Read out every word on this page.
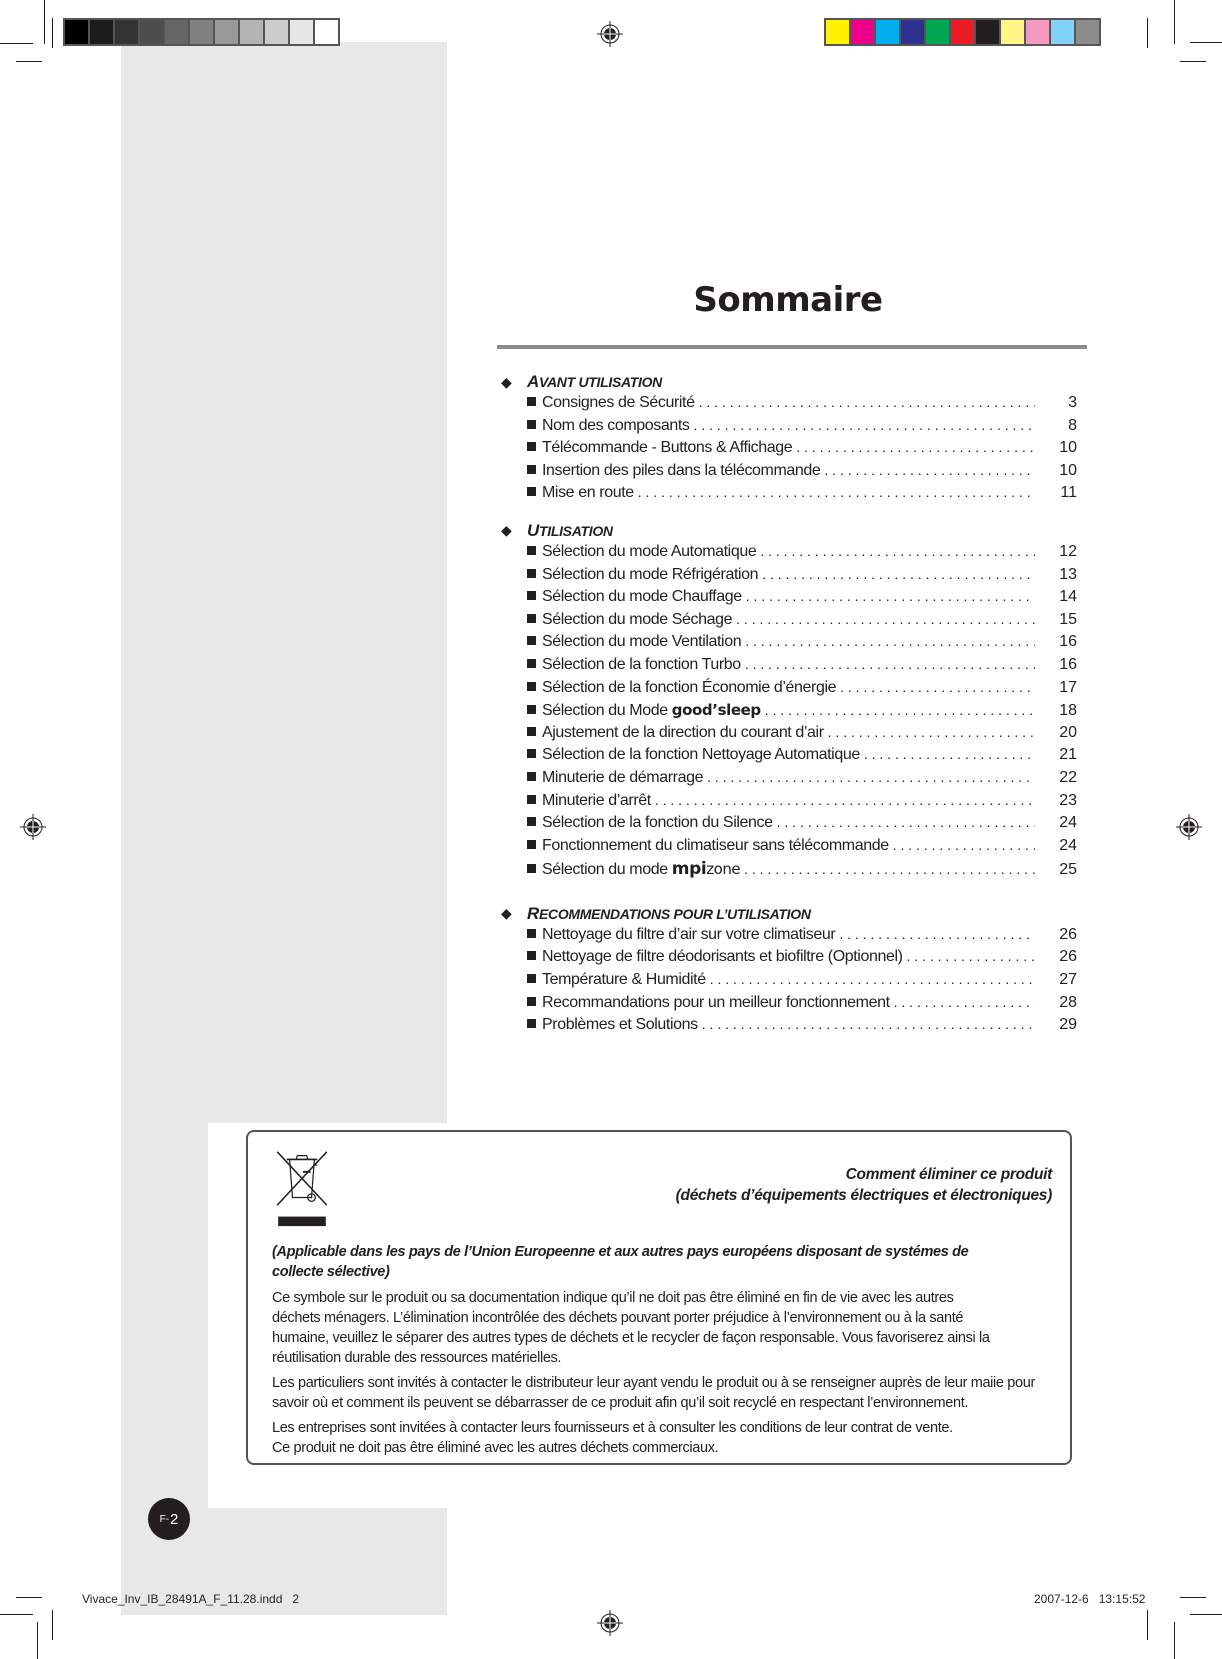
Sommaire
◆ AVANT UTILISATION
Consignes de Sécurité . . .	3
Nom des composants . . .	8
Télécommande - Buttons & Affichage . . .	10
Insertion des piles dans la télécommande . . .	10
Mise en route . . .	11
◆ UTILISATION
Sélection du mode Automatique . . .	12
Sélection du mode Réfrigération . . .	13
Sélection du mode Chauffage . . .	14
Sélection du mode Séchage . . .	15
Sélection du mode Ventilation . . .	16
Sélection de la fonction Turbo . . .	16
Sélection de la fonction Économie d’énergie . . .	17
Sélection du Mode good’sleep . . .	18
Ajustement de la direction du courant d’air . . .	20
Sélection de la fonction Nettoyage Automatique . . .	21
Minuterie de démarrage . . .	22
Minuterie d’arrêt . . .	23
Sélection de la fonction du Silence . . .	24
Fonctionnement du climatiseur sans télécommande . . .	24
Sélection du mode mpizone . . .	25
◆ RECOMMENDATIONS POUR L’UTILISATION
Nettoyage du filtre d’air sur votre climatiseur . . .	26
Nettoyage de filtre déodorisants et biofiltre (Optionnel) . . .	26
Température & Humidité . . .	27
Recommandations pour un meilleur fonctionnement . . .	28
Problèmes et Solutions . . .	29
Comment éliminer ce produit
(déchets d’équipements électriques et électroniques)

(Applicable dans les pays de l’Union Europeenne et aux autres pays européens disposant de systémes de collecte sélective)

Ce symbole sur le produit ou sa documentation indique qu’il ne doit pas être éliminé en fin de vie avec les autres déchets ménagers. L’élimination incontrôlée des déchets pouvant porter préjudice à l’environnement ou à la santé humaine, veuillez le séparer des autres types de déchets et le recycler de façon responsable. Vous favoriserez ainsi la réutilisation durable des ressources matérielles.

Les particuliers sont invités à contacter le distributeur leur ayant vendu le produit ou à se renseigner auprès de leur maiie pour savoir où et comment ils peuvent se débarrasser de ce produit afin qu’il soit recyclé en respectant l’environnement.

Les entreprises sont invitées à contacter leurs fournisseurs et à consulter les conditions de leur contrat de vente.
Ce produit ne doit pas être éliminé avec les autres déchets commerciaux.

F- 2
Vivace_Inv_IB_28491A_F_11.28.indd   2	2007-12-6   13:15:52
